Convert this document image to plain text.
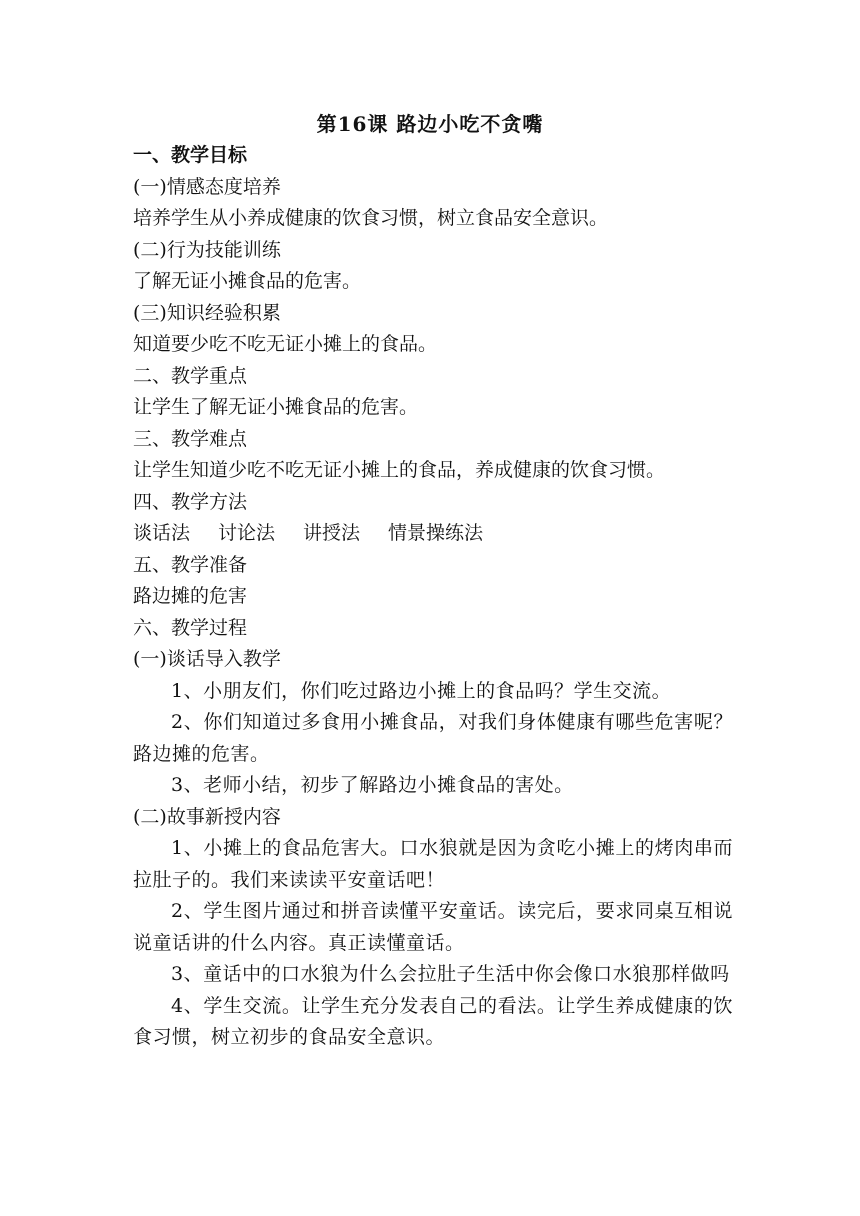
第16课 路边小吃不贪嘴
一、教学目标
(一)情感态度培养
培养学生从小养成健康的饮食习惯，树立食品安全意识。
(二)行为技能训练
了解无证小摊食品的危害。
(三)知识经验积累
知道要少吃不吃无证小摊上的食品。
二、教学重点
让学生了解无证小摊食品的危害。
三、教学难点
让学生知道少吃不吃无证小摊上的食品，养成健康的饮食习惯。
四、教学方法
谈话法 讨论法 讲授法 情景操练法
五、教学准备
路边摊的危害
六、教学过程
(一)谈话导入教学
1、小朋友们，你们吃过路边小摊上的食品吗？学生交流。
2、你们知道过多食用小摊食品，对我们身体健康有哪些危害呢？路边摊的危害。
3、老师小结，初步了解路边小摊食品的害处。
(二)故事新授内容
1、小摊上的食品危害大。口水狼就是因为贪吃小摊上的烤肉串而拉肚子的。我们来读读平安童话吧！
2、学生图片通过和拼音读懂平安童话。读完后，要求同桌互相说说童话讲的什么内容。真正读懂童话。
3、童话中的口水狼为什么会拉肚子生活中你会像口水狼那样做吗
4、学生交流。让学生充分发表自己的看法。让学生养成健康的饮食习惯，树立初步的食品安全意识。
